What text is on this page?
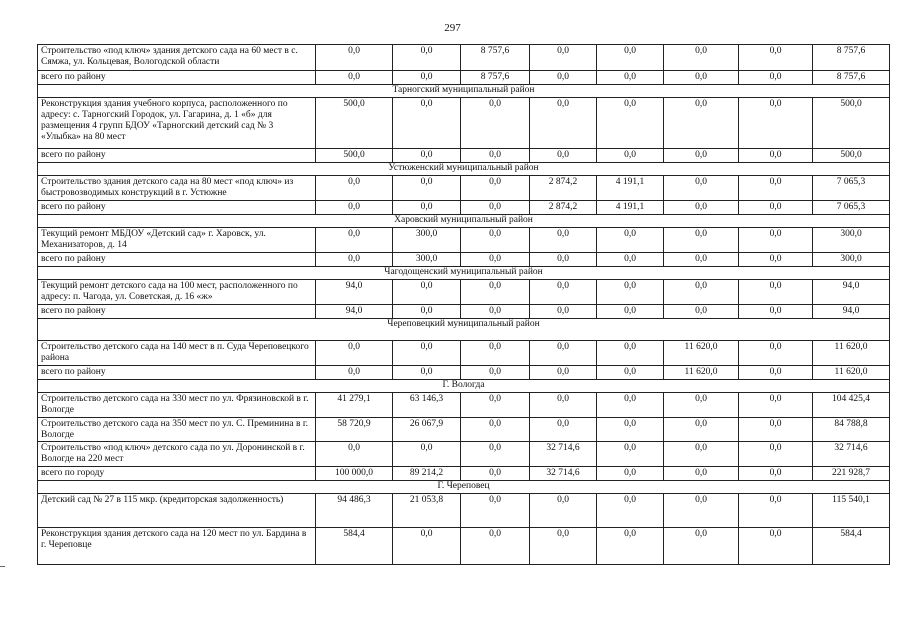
297
Строительство «под ключ» здания детского сада на 60 мест в с. Сямжа, ул. Кольцевая, Вологодской области	0,0	0,0	8 757,6	0,0	0,0	0,0	0,0	8 757,6
всего по району	0,0	0,0	8 757,6	0,0	0,0	0,0	0,0	8 757,6
Тарногский муниципальный район								
Реконструкция здания учебного корпуса, расположенного по адресу: с. Тарногский Городок, ул. Гагарина, д. 1 «б» для размещения 4 групп БДОУ «Тарногский детский сад № 3 «Улыбка» на 80 мест	500,0	0,0	0,0	0,0	0,0	0,0	0,0	500,0
всего по району	500,0	0,0	0,0	0,0	0,0	0,0	0,0	500,0
Устюженский муниципальный район								
Строительство здания детского сада на 80 мест «под ключ» из быстровозводимых конструкций в г. Устюжне	0,0	0,0	0,0	2 874,2	4 191,1	0,0	0,0	7 065,3
всего по району	0,0	0,0	0,0	2 874,2	4 191,1	0,0	0,0	7 065,3
Харовский муниципальный район								
Текущий ремонт МБДОУ «Детский сад» г. Харовск, ул. Механизаторов, д. 14	0,0	300,0	0,0	0,0	0,0	0,0	0,0	300,0
всего по району	0,0	300,0	0,0	0,0	0,0	0,0	0,0	300,0
Чагодощенский муниципальный район								
Текущий ремонт детского сада на 100 мест, расположенного по адресу: п. Чагода, ул. Советская, д. 16 «ж»	94,0	0,0	0,0	0,0	0,0	0,0	0,0	94,0
всего по району	94,0	0,0	0,0	0,0	0,0	0,0	0,0	94,0
Череповецкий муниципальный район								
Строительство детского сада на 140 мест в п. Суда Череповецкого района	0,0	0,0	0,0	0,0	0,0	11 620,0	0,0	11 620,0
всего по району	0,0	0,0	0,0	0,0	0,0	11 620,0	0,0	11 620,0
Г. Вологда								
Строительство детского сада на 330 мест по ул. Фрязиновской в г. Вологде	41 279,1	63 146,3	0,0	0,0	0,0	0,0	0,0	104 425,4
Строительство детского сада на 350 мест по ул. С. Преминина в г. Вологде	58 720,9	26 067,9	0,0	0,0	0,0	0,0	0,0	84 788,8
Строительство «под ключ» детского сада по ул. Доронинской в г. Вологде на 220 мест	0,0	0,0	0,0	32 714,6	0,0	0,0	0,0	32 714,6
всего по городу	100 000,0	89 214,2	0,0	32 714,6	0,0	0,0	0,0	221 928,7
Г. Череповец								
Детский сад № 27 в 115 мкр. (кредиторская задолженность)	94 486,3	21 053,8	0,0	0,0	0,0	0,0	0,0	115 540,1
Реконструкция здания детского сада на 120 мест по ул. Бардина в г. Череповце	584,4	0,0	0,0	0,0	0,0	0,0	0,0	584,4
